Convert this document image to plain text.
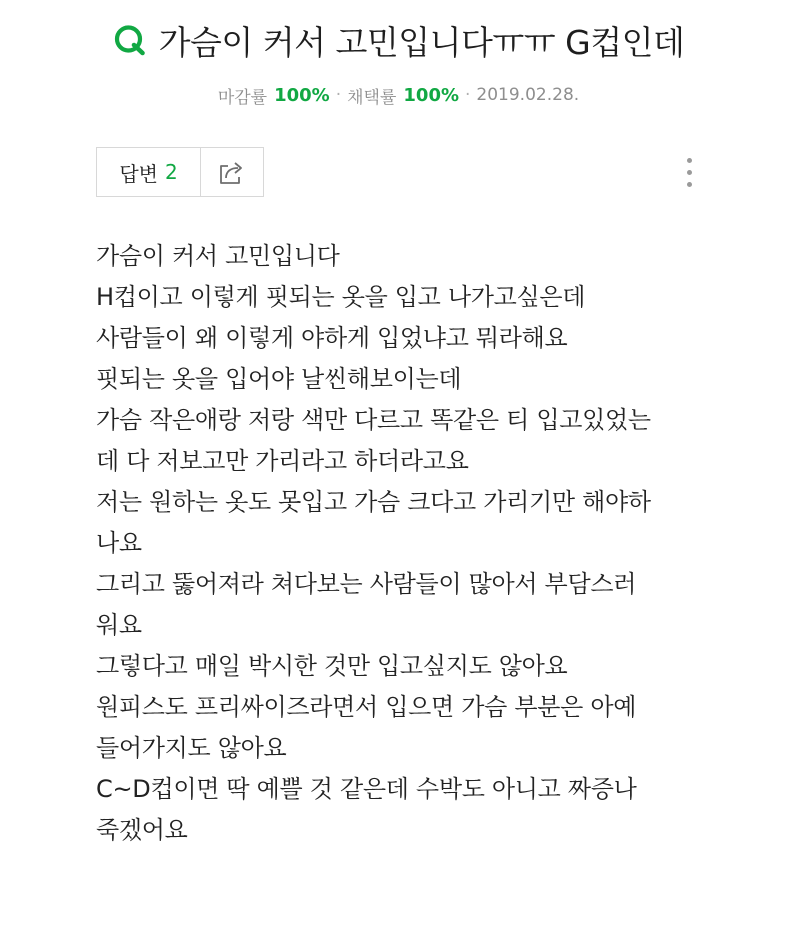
가슴이 커서 고민입니다ㅠㅠ G컵인데
마감률 100% · 채택률 100% · 2019.02.28.
답변 2
가슴이 커서 고민입니다
H컵이고 이렇게 핏되는 옷을 입고 나가고싶은데
사람들이 왜 이렇게 야하게 입었냐고 뭐라해요
핏되는 옷을 입어야 날씬해보이는데
가슴 작은애랑 저랑 색만 다르고 똑같은 티 입고있었는
데 다 저보고만 가리라고 하더라고요
저는 원하는 옷도 못입고 가슴 크다고 가리기만 해야하
나요
그리고 뚫어져라 쳐다보는 사람들이 많아서 부담스러
워요
그렇다고 매일 박시한 것만 입고싶지도 않아요
원피스도 프리싸이즈라면서 입으면 가슴 부분은 아예
들어가지도 않아요
C~D컵이면 딱 예쁠 것 같은데 수박도 아니고 짜증나
죽겠어요
